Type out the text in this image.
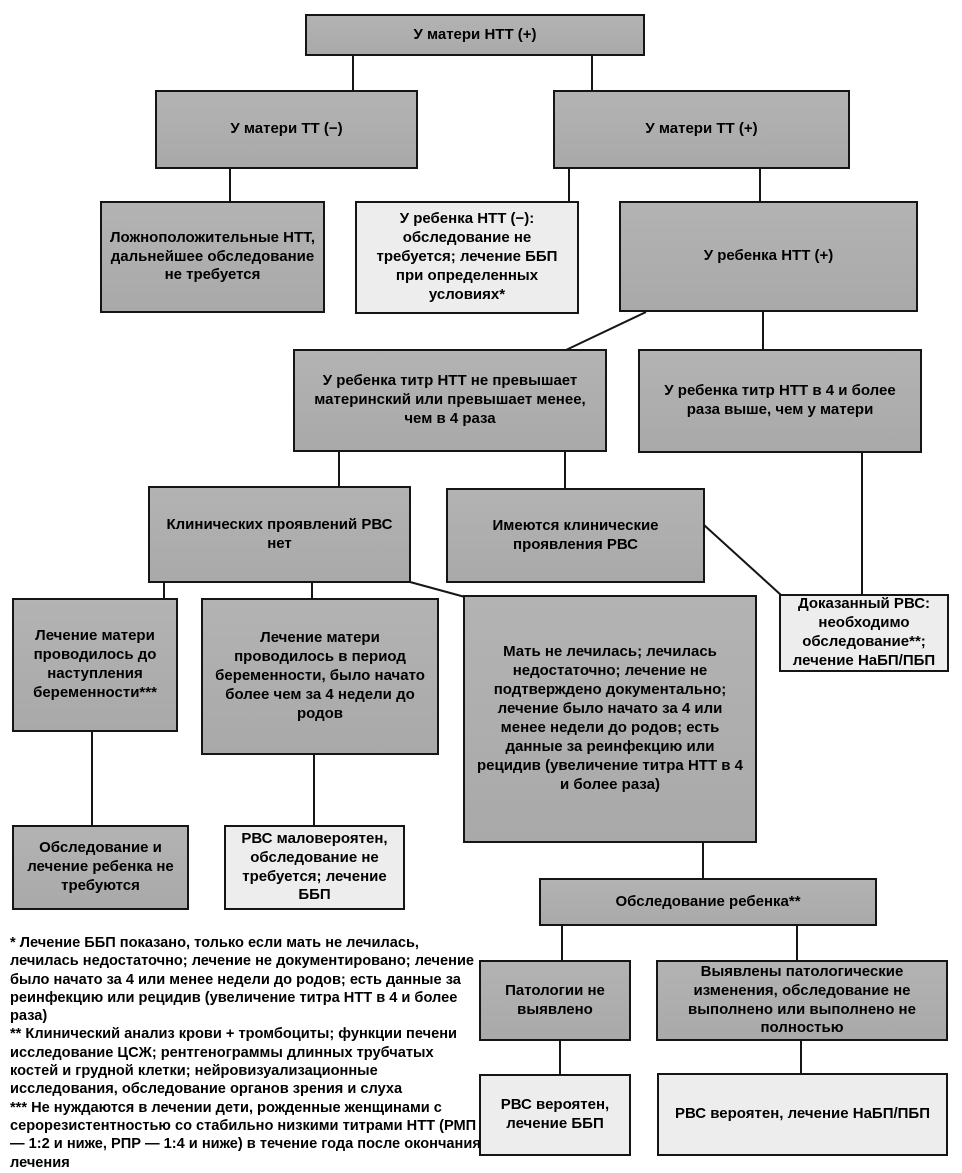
У матери НТТ (+)
У матери ТТ (−)	У матери ТТ (+)
Ложноположительные НТТ, дальнейшее обследование не требуется
У ребенка НТТ (−): обследование не требуется; лечение ББП при определенных условиях*
У ребенка НТТ (+)
У ребенка титр НТТ не превышает материнский или превышает менее, чем в 4 раза
У ребенка титр НТТ в 4 и более раза выше, чем у матери
Клинических проявлений РВС нет
Имеются клинические проявления РВС
Лечение матери проводилось до наступления беременности***
Лечение матери проводилось в период беременности, было начато более чем за 4 недели до родов
Мать не лечилась; лечилась недостаточно; лечение не подтверждено документально; лечение было начато за 4 или менее недели до родов; есть данные за реинфекцию или рецидив (увеличение титра НТТ в 4 и более раза)
Доказанный РВС: необходимо обследование**; лечение НаБП/ПБП
Обследование и лечение ребенка не требуются
РВС маловероятен, обследование не требуется; лечение ББП	Обследование ребенка**
Патологии не выявлено
Выявлены патологические изменения, обследование не выполнено или выполнено не полностью
РВС вероятен, лечение ББП
РВС вероятен, лечение НаБП/ПБП
* Лечение ББП показано, только если мать не лечилась, лечилась недостаточно; лечение не документировано; лечение было начато за 4 или менее недели до родов; есть данные за реинфекцию или рецидив (увеличение титра НТТ в 4 и более раза)
** Клинический анализ крови + тромбоциты; функции печени исследование ЦСЖ; рентгенограммы длинных трубчатых костей и грудной клетки; нейровизуализационные исследования, обследование органов зрения и слуха
*** Не нуждаются в лечении дети, рожденные женщинами с серорезистентностью со стабильно низкими титрами НТТ (РМП — 1:2 и ниже, РПР — 1:4 и ниже) в течение года после окончания лечения
